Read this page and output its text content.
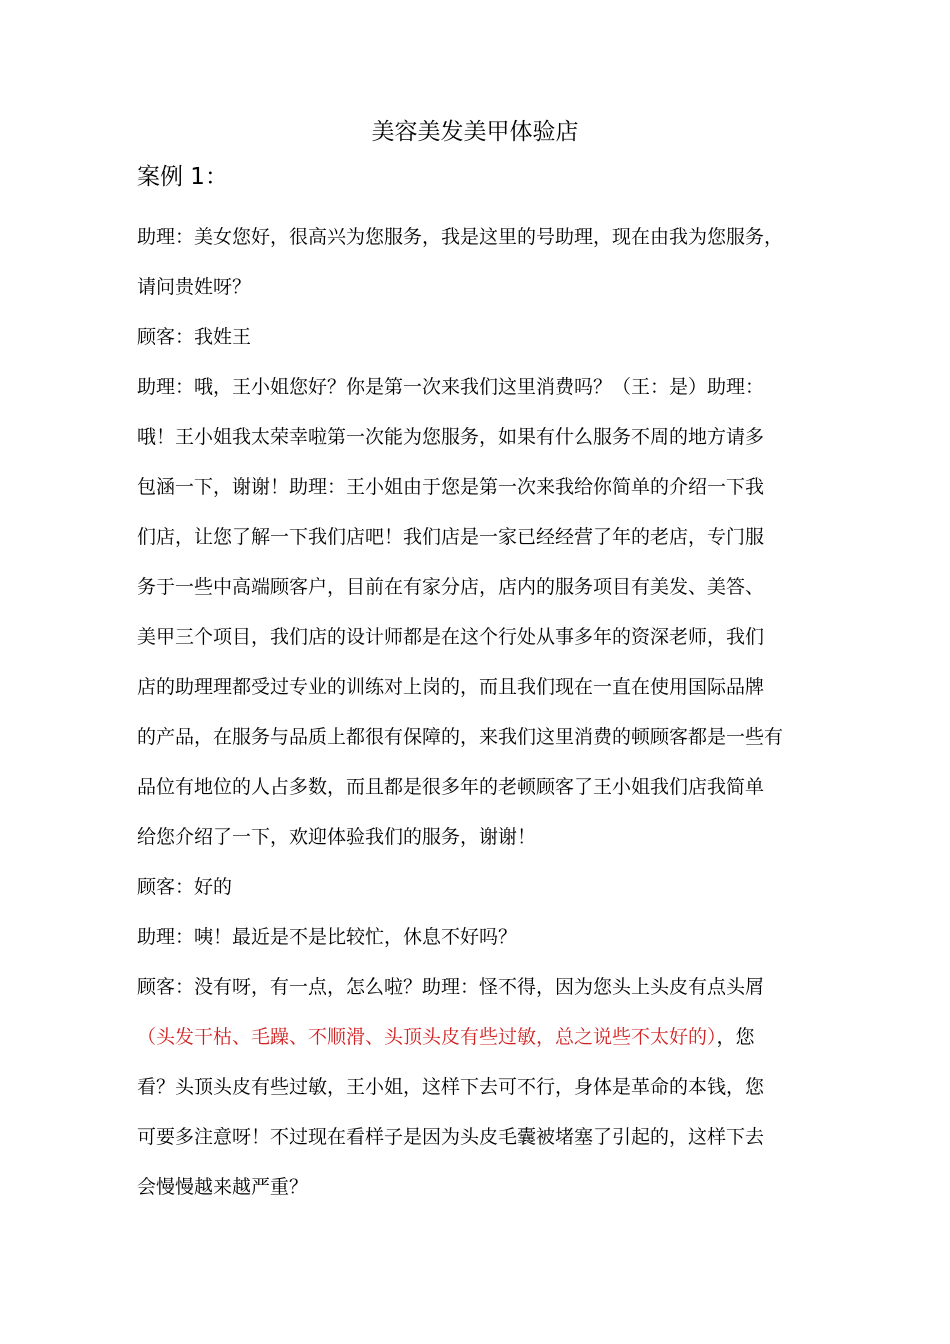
美容美发美甲体验店
案例 1：
助理：美女您好，很高兴为您服务，我是这里的号助理，现在由我为您服务，
请问贵姓呀？
顾客：我姓王
助理：哦，王小姐您好？你是第一次来我们这里消费吗？（王：是）助理：
哦！王小姐我太荣幸啦第一次能为您服务，如果有什么服务不周的地方请多
包涵一下，谢谢！助理：王小姐由于您是第一次来我给你简单的介绍一下我
们店，让您了解一下我们店吧！我们店是一家已经经营了年的老店，专门服
务于一些中高端顾客户，目前在有家分店，店内的服务项目有美发、美答、
美甲三个项目，我们店的设计师都是在这个行处从事多年的资深老师，我们
店的助理理都受过专业的训练对上岗的，而且我们现在一直在使用国际品牌
的产品，在服务与品质上都很有保障的，来我们这里消费的顿顾客都是一些有
品位有地位的人占多数，而且都是很多年的老顿顾客了王小姐我们店我简单
给您介绍了一下，欢迎体验我们的服务，谢谢！
顾客：好的
助理：咦！最近是不是比较忙，休息不好吗？
顾客：没有呀，有一点，怎么啦？助理：怪不得，因为您头上头皮有点头屑
（头发干枯、毛躁、不顺滑、头顶头皮有些过敏，总之说些不太好的），您
看？头顶头皮有些过敏，王小姐，这样下去可不行，身体是革命的本钱，您
可要多注意呀！不过现在看样子是因为头皮毛囊被堵塞了引起的，这样下去
会慢慢越来越严重？
